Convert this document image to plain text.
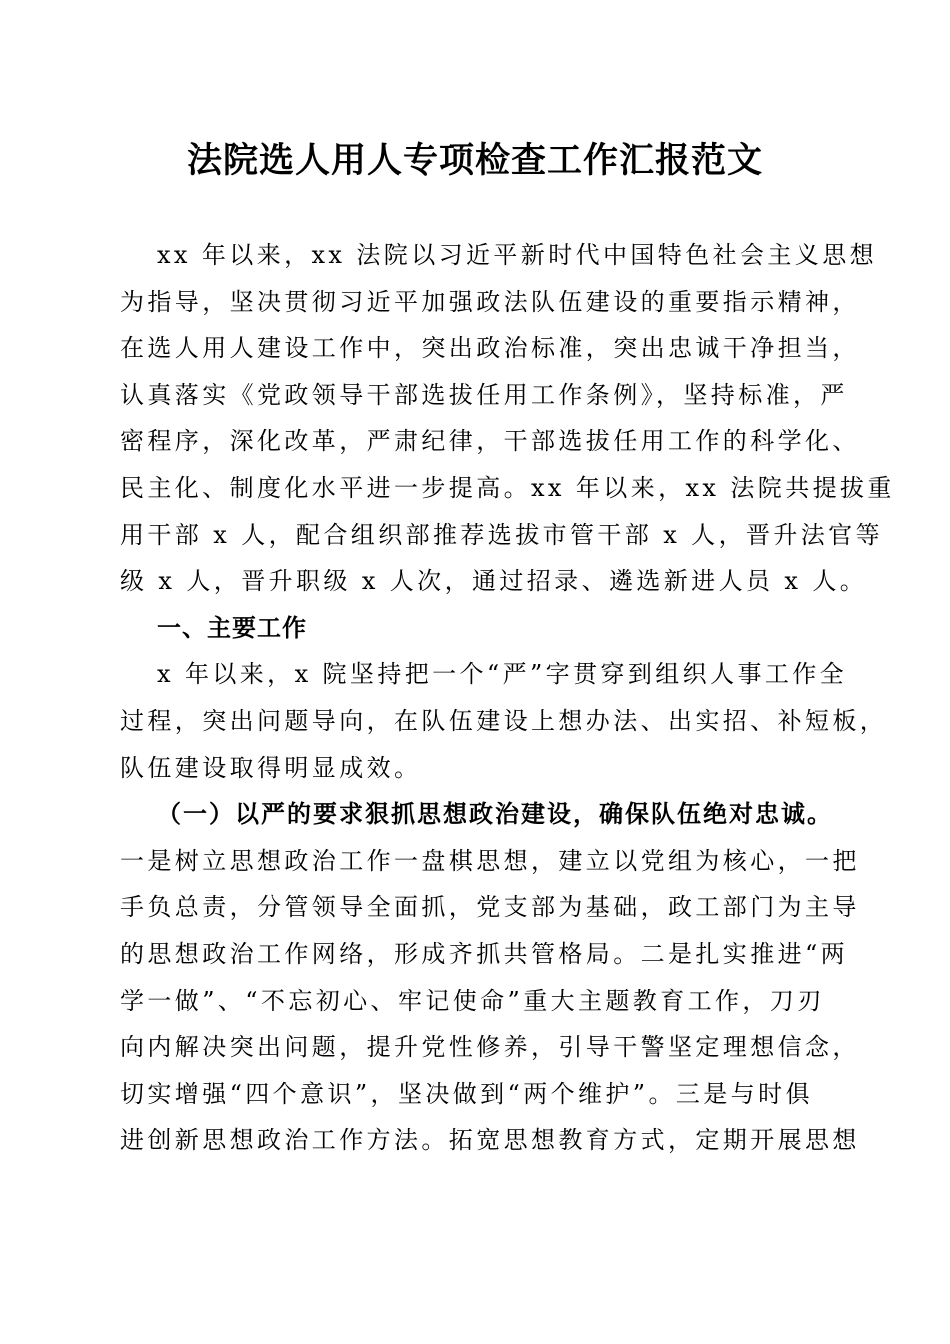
法院选人用人专项检查工作汇报范文
xx 年以来，xx 法院以习近平新时代中国特色社会主义思想
为指导，坚决贯彻习近平加强政法队伍建设的重要指示精神，
在选人用人建设工作中，突出政治标准，突出忠诚干净担当，
认真落实《党政领导干部选拔任用工作条例》，坚持标准，严
密程序，深化改革，严肃纪律，干部选拔任用工作的科学化、
民主化、制度化水平进一步提高。xx 年以来，xx 法院共提拔重
用干部 x 人，配合组织部推荐选拔市管干部 x 人，晋升法官等
级 x 人，晋升职级 x 人次，通过招录、遴选新进人员 x 人。
一、主要工作
x 年以来，x 院坚持把一个“严”字贯穿到组织人事工作全
过程，突出问题导向，在队伍建设上想办法、出实招、补短板，
队伍建设取得明显成效。
（一）以严的要求狠抓思想政治建设，确保队伍绝对忠诚。
一是树立思想政治工作一盘棋思想，建立以党组为核心，一把
手负总责，分管领导全面抓，党支部为基础，政工部门为主导
的思想政治工作网络，形成齐抓共管格局。二是扎实推进“两
学一做”、“不忘初心、牢记使命”重大主题教育工作，刀刃
向内解决突出问题，提升党性修养，引导干警坚定理想信念，
切实增强“四个意识”，坚决做到“两个维护”。三是与时俱
进创新思想政治工作方法。拓宽思想教育方式，定期开展思想
